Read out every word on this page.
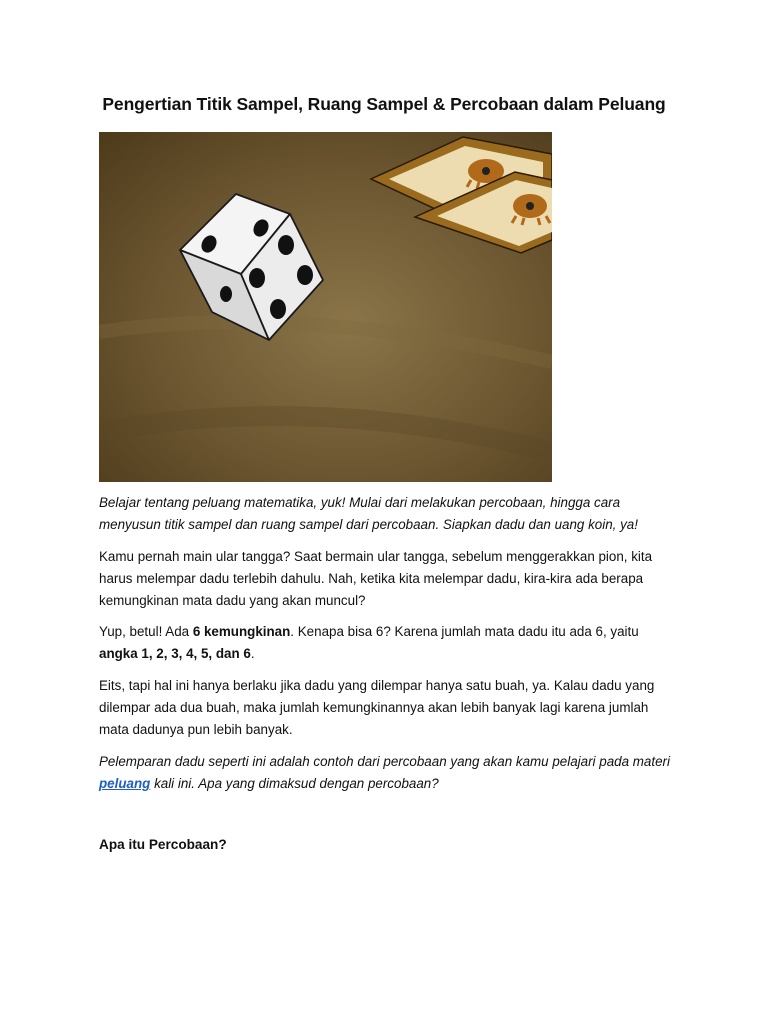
Pengertian Titik Sampel, Ruang Sampel & Percobaan dalam Peluang

Belajar tentang peluang matematika, yuk! Mulai dari melakukan percobaan, hingga cara menyusun titik sampel dan ruang sampel dari percobaan. Siapkan dadu dan uang koin, ya!

Kamu pernah main ular tangga? Saat bermain ular tangga, sebelum menggerakkan pion, kita harus melempar dadu terlebih dahulu. Nah, ketika kita melempar dadu, kira-kira ada berapa kemungkinan mata dadu yang akan muncul?

Yup, betul! Ada 6 kemungkinan. Kenapa bisa 6? Karena jumlah mata dadu itu ada 6, yaitu angka 1, 2, 3, 4, 5, dan 6.

Eits, tapi hal ini hanya berlaku jika dadu yang dilempar hanya satu buah, ya. Kalau dadu yang dilempar ada dua buah, maka jumlah kemungkinannya akan lebih banyak lagi karena jumlah mata dadunya pun lebih banyak.

Pelemparan dadu seperti ini adalah contoh dari percobaan yang akan kamu pelajari pada materi peluang kali ini. Apa yang dimaksud dengan percobaan?

Apa itu Percobaan?
